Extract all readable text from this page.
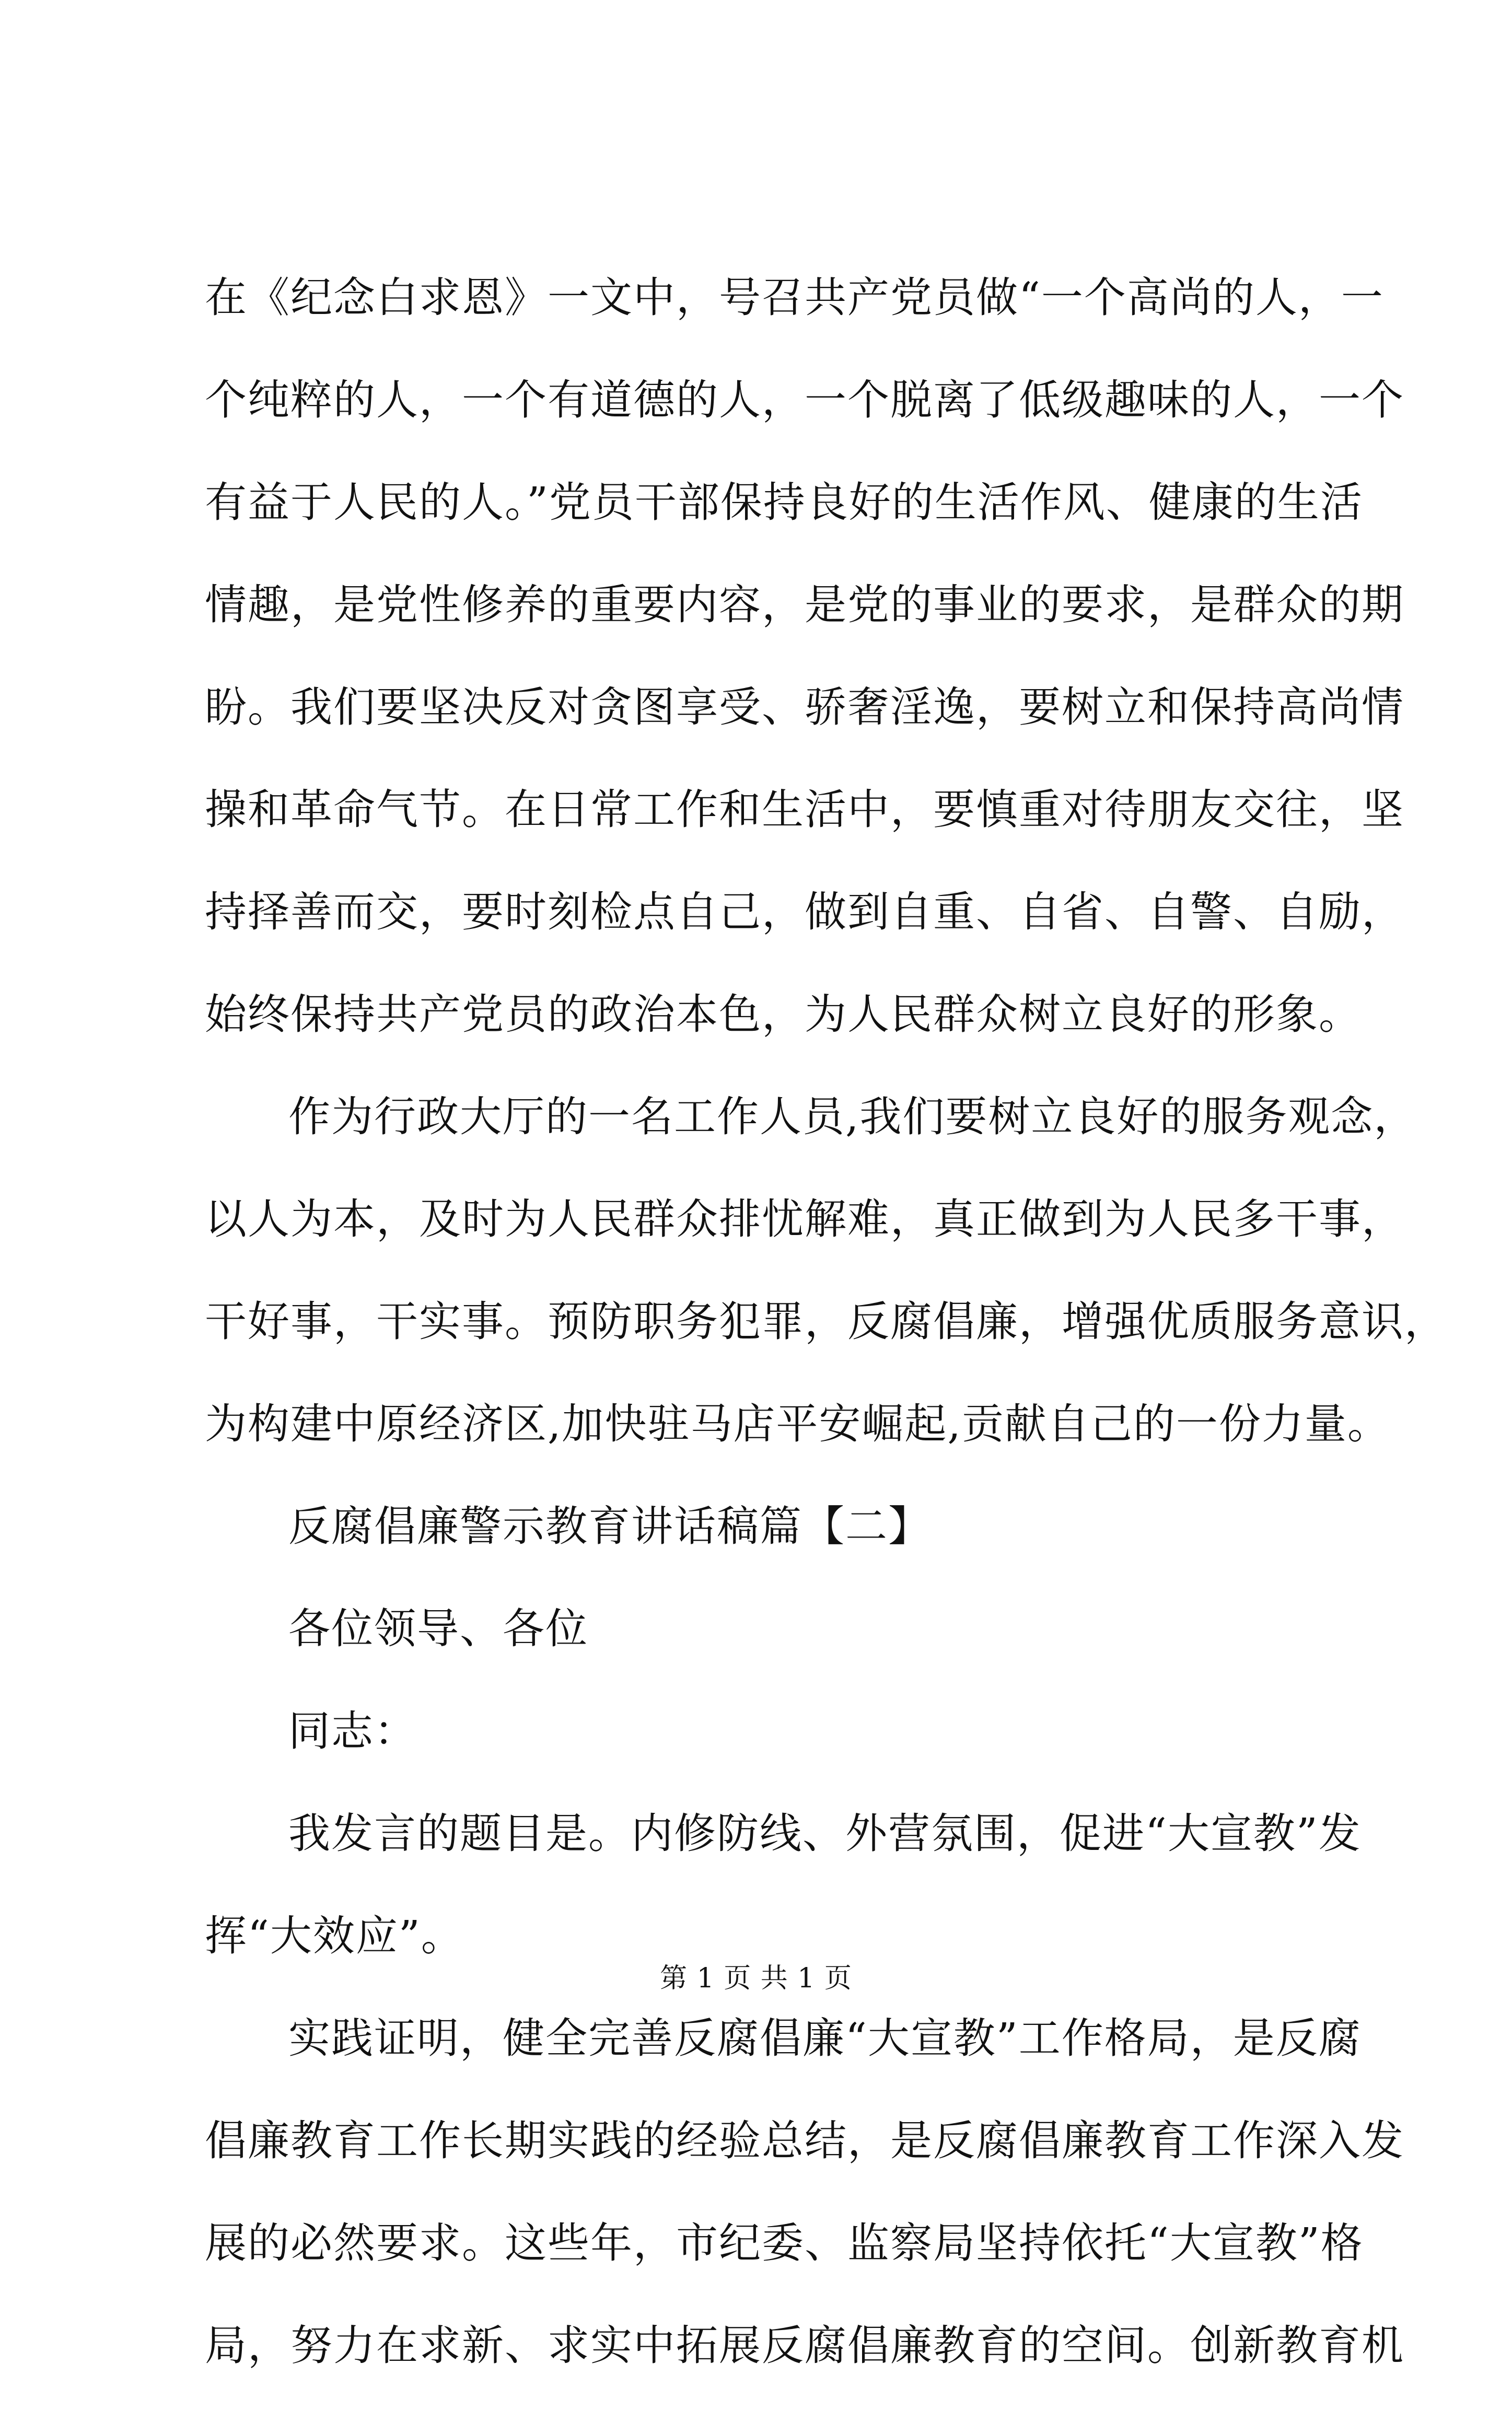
在《纪念白求恩》一文中，号召共产党员做“一个高尚的人，一
个纯粹的人，一个有道德的人，一个脱离了低级趣味的人，一个
有益于人民的人。”党员干部保持良好的生活作风、健康的生活
情趣，是党性修养的重要内容，是党的事业的要求，是群众的期
盼。我们要坚决反对贪图享受、骄奢淫逸，要树立和保持高尚情
操和革命气节。在日常工作和生活中，要慎重对待朋友交往，坚
持择善而交，要时刻检点自己，做到自重、自省、自警、自励，
始终保持共产党员的政治本色，为人民群众树立良好的形象。
作为行政大厅的一名工作人员,我们要树立良好的服务观念，
以人为本，及时为人民群众排忧解难，真正做到为人民多干事，
干好事，干实事。预防职务犯罪，反腐倡廉，增强优质服务意识，
为构建中原经济区,加快驻马店平安崛起,贡献自己的一份力量。
反腐倡廉警示教育讲话稿篇【二】
各位领导、各位
同志：
我发言的题目是。内修防线、外营氛围，促进“大宣教”发
挥“大效应”。
实践证明，健全完善反腐倡廉“大宣教”工作格局，是反腐
倡廉教育工作长期实践的经验总结，是反腐倡廉教育工作深入发
展的必然要求。这些年，市纪委、监察局坚持依托“大宣教”格
局，努力在求新、求实中拓展反腐倡廉教育的空间。创新教育机
第 1 页 共 1 页
